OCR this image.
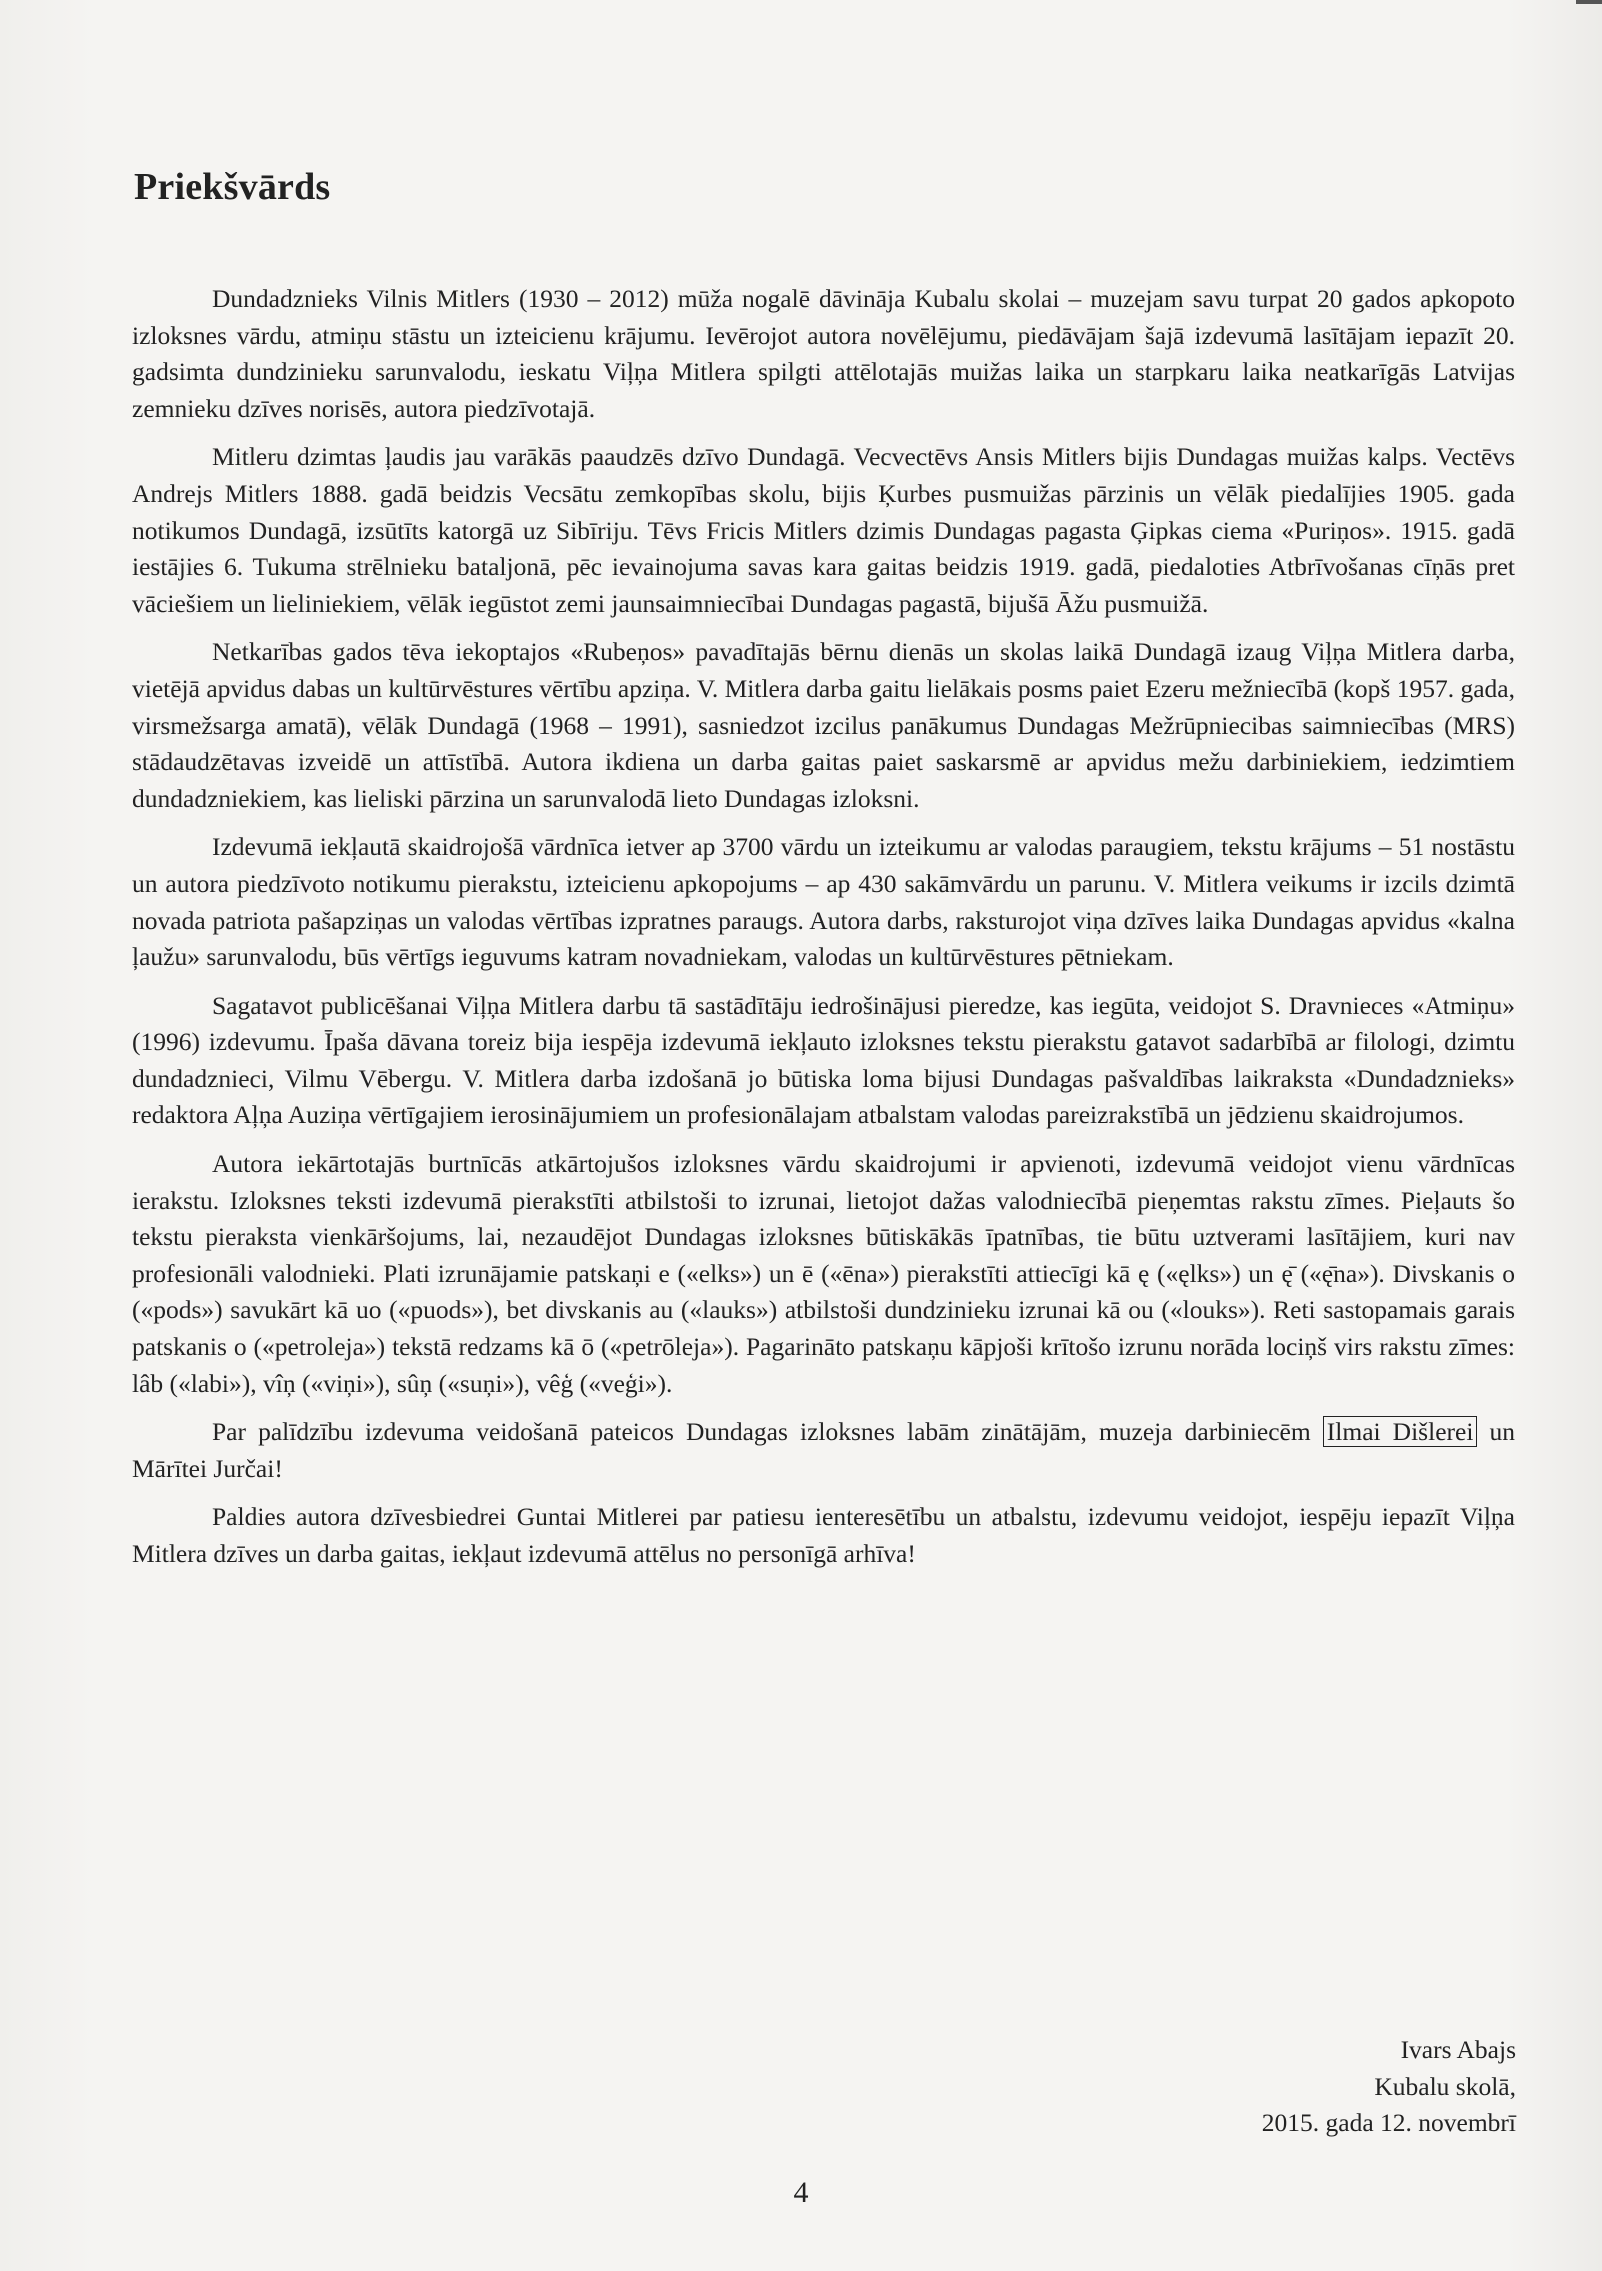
Priekšvārds

Dundadznieks Vilnis Mitlers (1930 – 2012) mūža nogalē dāvināja Kubalu skolai – muzejam savu turpat 20 gados apkopoto izloksnes vārdu, atmiņu stāstu un izteicienu krājumu. Ievērojot autora novēlējumu, piedāvājam šajā izdevumā lasītājam iepazīt 20. gadsimta dundzinieku sarunvalodu, ieskatu Viļņa Mitlera spilgti attēlotajās muižas laika un starpkaru laika neatkarīgās Latvijas zemnieku dzīves norisēs, autora piedzīvotajā.

Mitleru dzimtas ļaudis jau varākās paaudzēs dzīvo Dundagā. Vecvectēvs Ansis Mitlers bijis Dundagas muižas kalps. Vectēvs Andrejs Mitlers 1888. gadā beidzis Vecsātu zemkopības skolu, bijis Ķurbes pusmuižas pārzinis un vēlāk piedalījies 1905. gada notikumos Dundagā, izsūtīts katorgā uz Sibīriju. Tēvs Fricis Mitlers dzimis Dundagas pagasta Ģipkas ciema «Puriņos». 1915. gadā iestājies 6. Tukuma strēlnieku bataljonā, pēc ievainojuma savas kara gaitas beidzis 1919. gadā, piedaloties Atbrīvošanas cīņās pret vāciešiem un lieliniekiem, vēlāk iegūstot zemi jaunsaimniecībai Dundagas pagastā, bijušā Āžu pusmuižā.

Netkarības gados tēva iekoptajos «Rubeņos» pavadītajās bērnu dienās un skolas laikā Dundagā izaug Viļņa Mitlera darba, vietējā apvidus dabas un kultūrvēstures vērtību apziņa. V. Mitlera darba gaitu lielākais posms paiet Ezeru mežniecībā (kopš 1957. gada, virsmežsarga amatā), vēlāk Dundagā (1968 – 1991), sasniedzot izcilus panākumus Dundagas Mežrūpniecibas saimniecības (MRS) stādaudzētavas izveidē un attīstībā. Autora ikdiena un darba gaitas paiet saskarsmē ar apvidus mežu darbiniekiem, iedzimtiem dundadzniekiem, kas lieliski pārzina un sarunvalodā lieto Dundagas izloksni.

Izdevumā iekļautā skaidrojošā vārdnīca ietver ap 3700 vārdu un izteikumu ar valodas paraugiem, tekstu krājums – 51 nostāstu un autora piedzīvoto notikumu pierakstu, izteicienu apkopojums – ap 430 sakāmvārdu un parunu. V. Mitlera veikums ir izcils dzimtā novada patriota pašapziņas un valodas vērtības izpratnes paraugs. Autora darbs, raksturojot viņa dzīves laika Dundagas apvidus «kalna ļaužu» sarunvalodu, būs vērtīgs ieguvums katram novadniekam, valodas un kultūrvēstures pētniekam.

Sagatavot publicēšanai Viļņa Mitlera darbu tā sastādītāju iedrošinājusi pieredze, kas iegūta, veidojot S. Dravnieces «Atmiņu» (1996) izdevumu. Īpaša dāvana toreiz bija iespēja izdevumā iekļauto izloksnes tekstu pierakstu gatavot sadarbībā ar filologi, dzimtu dundadznieci, Vilmu Vēbergu. V. Mitlera darba izdošanā jo būtiska loma bijusi Dundagas pašvaldības laikraksta «Dundadznieks» redaktora Aļņa Auziņa vērtīgajiem ierosinājumiem un profesionālajam atbalstam valodas pareizrakstībā un jēdzienu skaidrojumos.

Autora iekārtotajās burtnīcās atkārtojušos izloksnes vārdu skaidrojumi ir apvienoti, izdevumā veidojot vienu vārdnīcas ierakstu. Izloksnes teksti izdevumā pierakstīti atbilstoši to izrunai, lietojot dažas valodniecībā pieņemtas rakstu zīmes. Pieļauts šo tekstu pieraksta vienkāršojums, lai, nezaudējot Dundagas izloksnes būtiskākās īpatnības, tie būtu uztverami lasītājiem, kuri nav profesionāli valodnieki. Plati izrunājamie patskaņi e («elks») un ē («ēna») pierakstīti attiecīgi kā ę («ęlks») un ę̄ («ę̄na»). Divskanis o («pods») savukārt kā uo («puods»), bet divskanis au («lauks») atbilstoši dundzinieku izrunai kā ou («louks»). Reti sastopamais garais patskanis o («petroleja») tekstā redzams kā ō («petrōleja»). Pagarināto patskaņu kāpjoši krītošo izrunu norāda lociņš virs rakstu zīmes: lâb («labi»), vîņ («viņi»), sûņ («suņi»), vêģ («veģi»).

Par palīdzību izdevuma veidošanā pateicos Dundagas izloksnes labām zinātājām, muzeja darbiniecēm Ilmai Dišlerei un Mārītei Jurčai!

Paldies autora dzīvesbiedrei Guntai Mitlerei par patiesu ienteresētību un atbalstu, izdevumu veidojot, iespēju iepazīt Viļņa Mitlera dzīves un darba gaitas, iekļaut izdevumā attēlus no personīgā arhīva!

Ivars Abajs
Kubalu skolā,
2015. gada 12. novembrī
4
